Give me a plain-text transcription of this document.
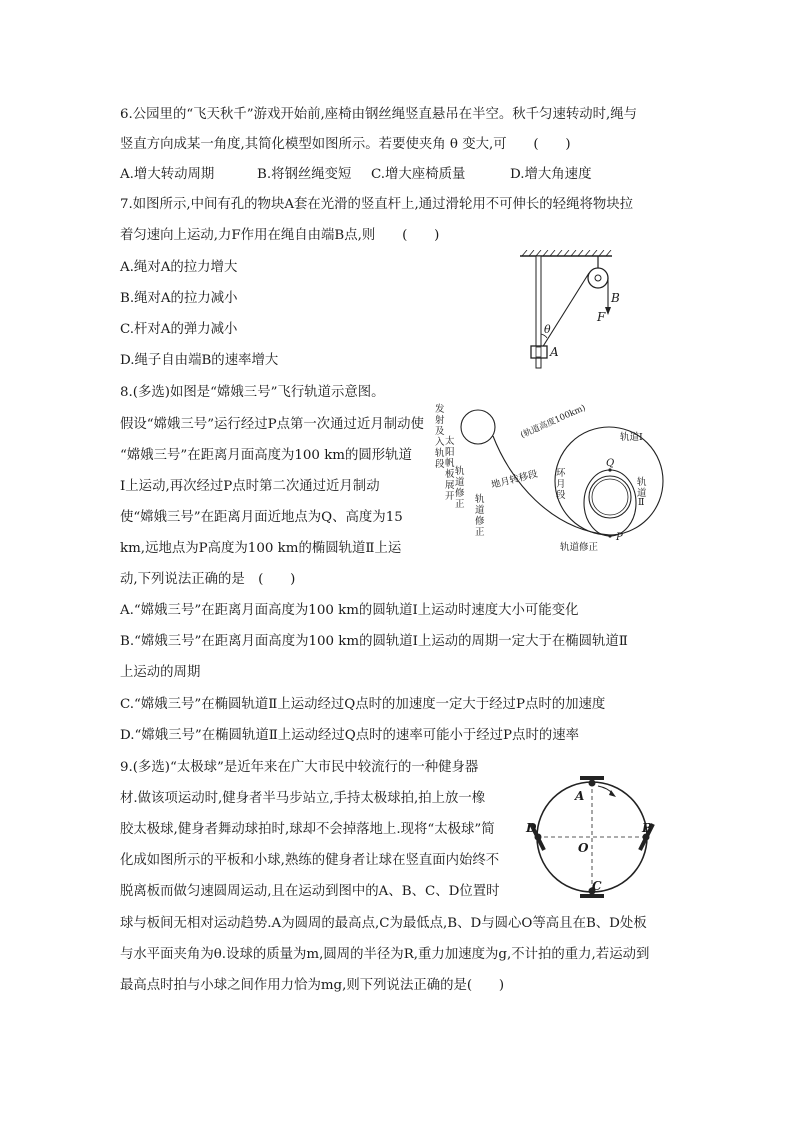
6.公园里的“飞天秋千”游戏开始前,座椅由钢丝绳竖直悬吊在半空。秋千匀速转动时,绳与
竖直方向成某一角度,其简化模型如图所示。若要使夹角 θ 变大,可　　(　　)
A.增大转动周期	B.将钢丝绳变短 C.增大座椅质量	D.增大角速度
7.如图所示,中间有孔的物块A套在光滑的竖直杆上,通过滑轮用不可伸长的轻绳将物块拉
着匀速向上运动,力F作用在绳自由端B点,则　　(　　)
A.绳对A的拉力增大
B.绳对A的拉力减小
C.杆对A的弹力减小
D.绳子自由端B的速率增大
B
F
θ
A
8.(多选)如图是“嫦娥三号”飞行轨道示意图。
假设“嫦娥三号”运行经过P点第一次通过近月制动使
“嫦娥三号”在距离月面高度为100 km的圆形轨道
Ⅰ上运动,再次经过P点时第二次通过近月制动
使“嫦娥三号”在距离月面近地点为Q、高度为15
km,远地点为P高度为100 km的椭圆轨道Ⅱ上运
动,下列说法正确的是　(　　)
A.“嫦娥三号”在距离月面高度为100 km的圆轨道Ⅰ上运动时速度大小可能变化
B.“嫦娥三号”在距离月面高度为100 km的圆轨道Ⅰ上运动的周期一定大于在椭圆轨道Ⅱ
上运动的周期
C.“嫦娥三号”在椭圆轨道Ⅱ上运动经过Q点时的加速度一定大于经过P点时的加速度
D.“嫦娥三号”在椭圆轨道Ⅱ上运动经过Q点时的速率可能小于经过P点时的速率
发
射
及
入
轨
段
太
阳
帆
板
展
开
轨
道
修
正 轨
道
修
正
地月转移段
(轨道高度100km)	轨道Ⅰ
环
月
段
轨
道
Ⅱ
Q
P
轨道修正
9.(多选)“太极球”是近年来在广大市民中较流行的一种健身器
材.做该项运动时,健身者半马步站立,手持太极球拍,拍上放一橡
胶太极球,健身者舞动球拍时,球却不会掉落地上.现将“太极球”简
化成如图所示的平板和小球,熟练的健身者让球在竖直面内始终不
脱离板而做匀速圆周运动,且在运动到图中的A、B、C、D位置时
球与板间无相对运动趋势.A为圆周的最高点,C为最低点,B、D与圆心O等高且在B、D处板
与水平面夹角为θ.设球的质量为m,圆周的半径为R,重力加速度为g,不计拍的重力,若运动到
最高点时拍与小球之间作用力恰为mg,则下列说法正确的是(　　)
A
B
C
D
O
